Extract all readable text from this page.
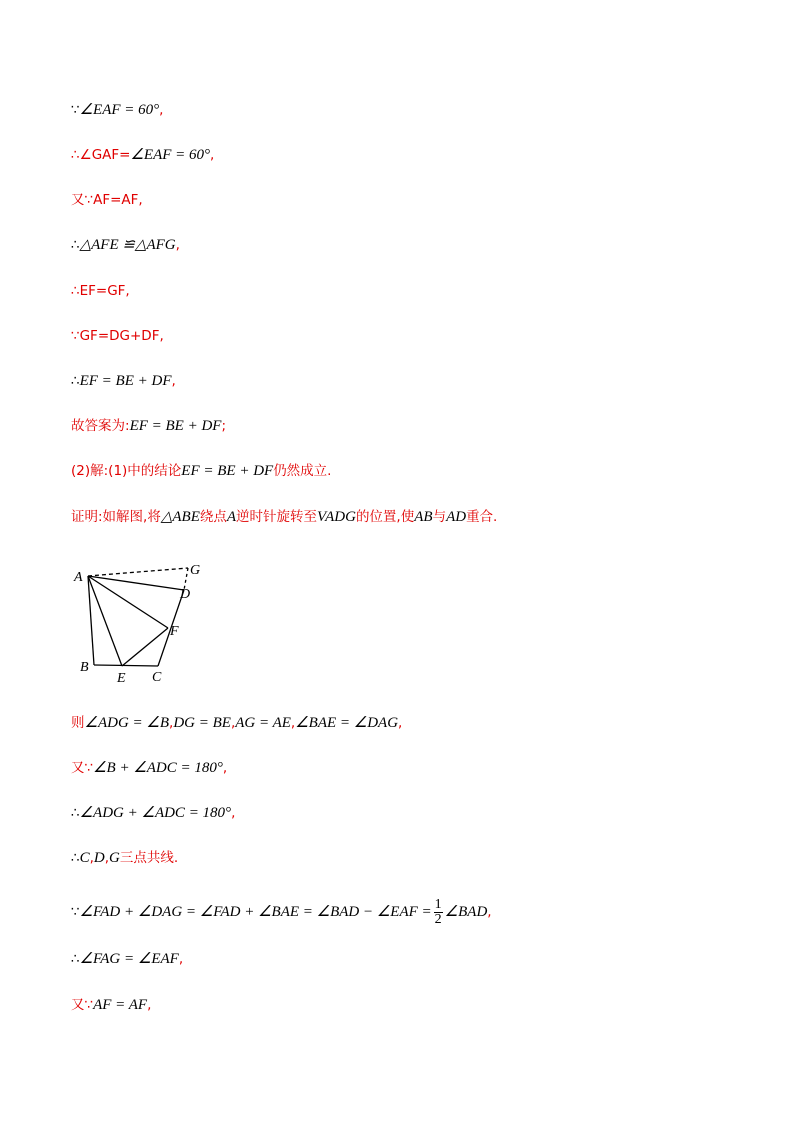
∵∠EAF = 60°,
∴∠GAF=∠EAF = 60°,
又∵AF=AF,
∴△AFE ≌△AFG,
∴EF=GF,
∵GF=DG+DF,
∴EF = BE + DF,
故答案为:EF = BE + DF;
(2)解:(1)中的结论EF = BE + DF仍然成立.
证明:如解图,将△ABE绕点A逆时针旋转至VADG的位置,使AB与AD重合.
A	G
D
F
B
E C
则∠ADG = ∠B,DG = BE,AG = AE,∠BAE = ∠DAG,
又∵∠B + ∠ADC = 180°,
∴∠ADG + ∠ADC = 180°,
∴C,D,G三点共线.
∵∠FAD + ∠DAG = ∠FAD + ∠BAE = ∠BAD − ∠EAF = $\frac{1}{2}$ ∠BAD,
∴∠FAG = ∠EAF,
又∵AF = AF,
